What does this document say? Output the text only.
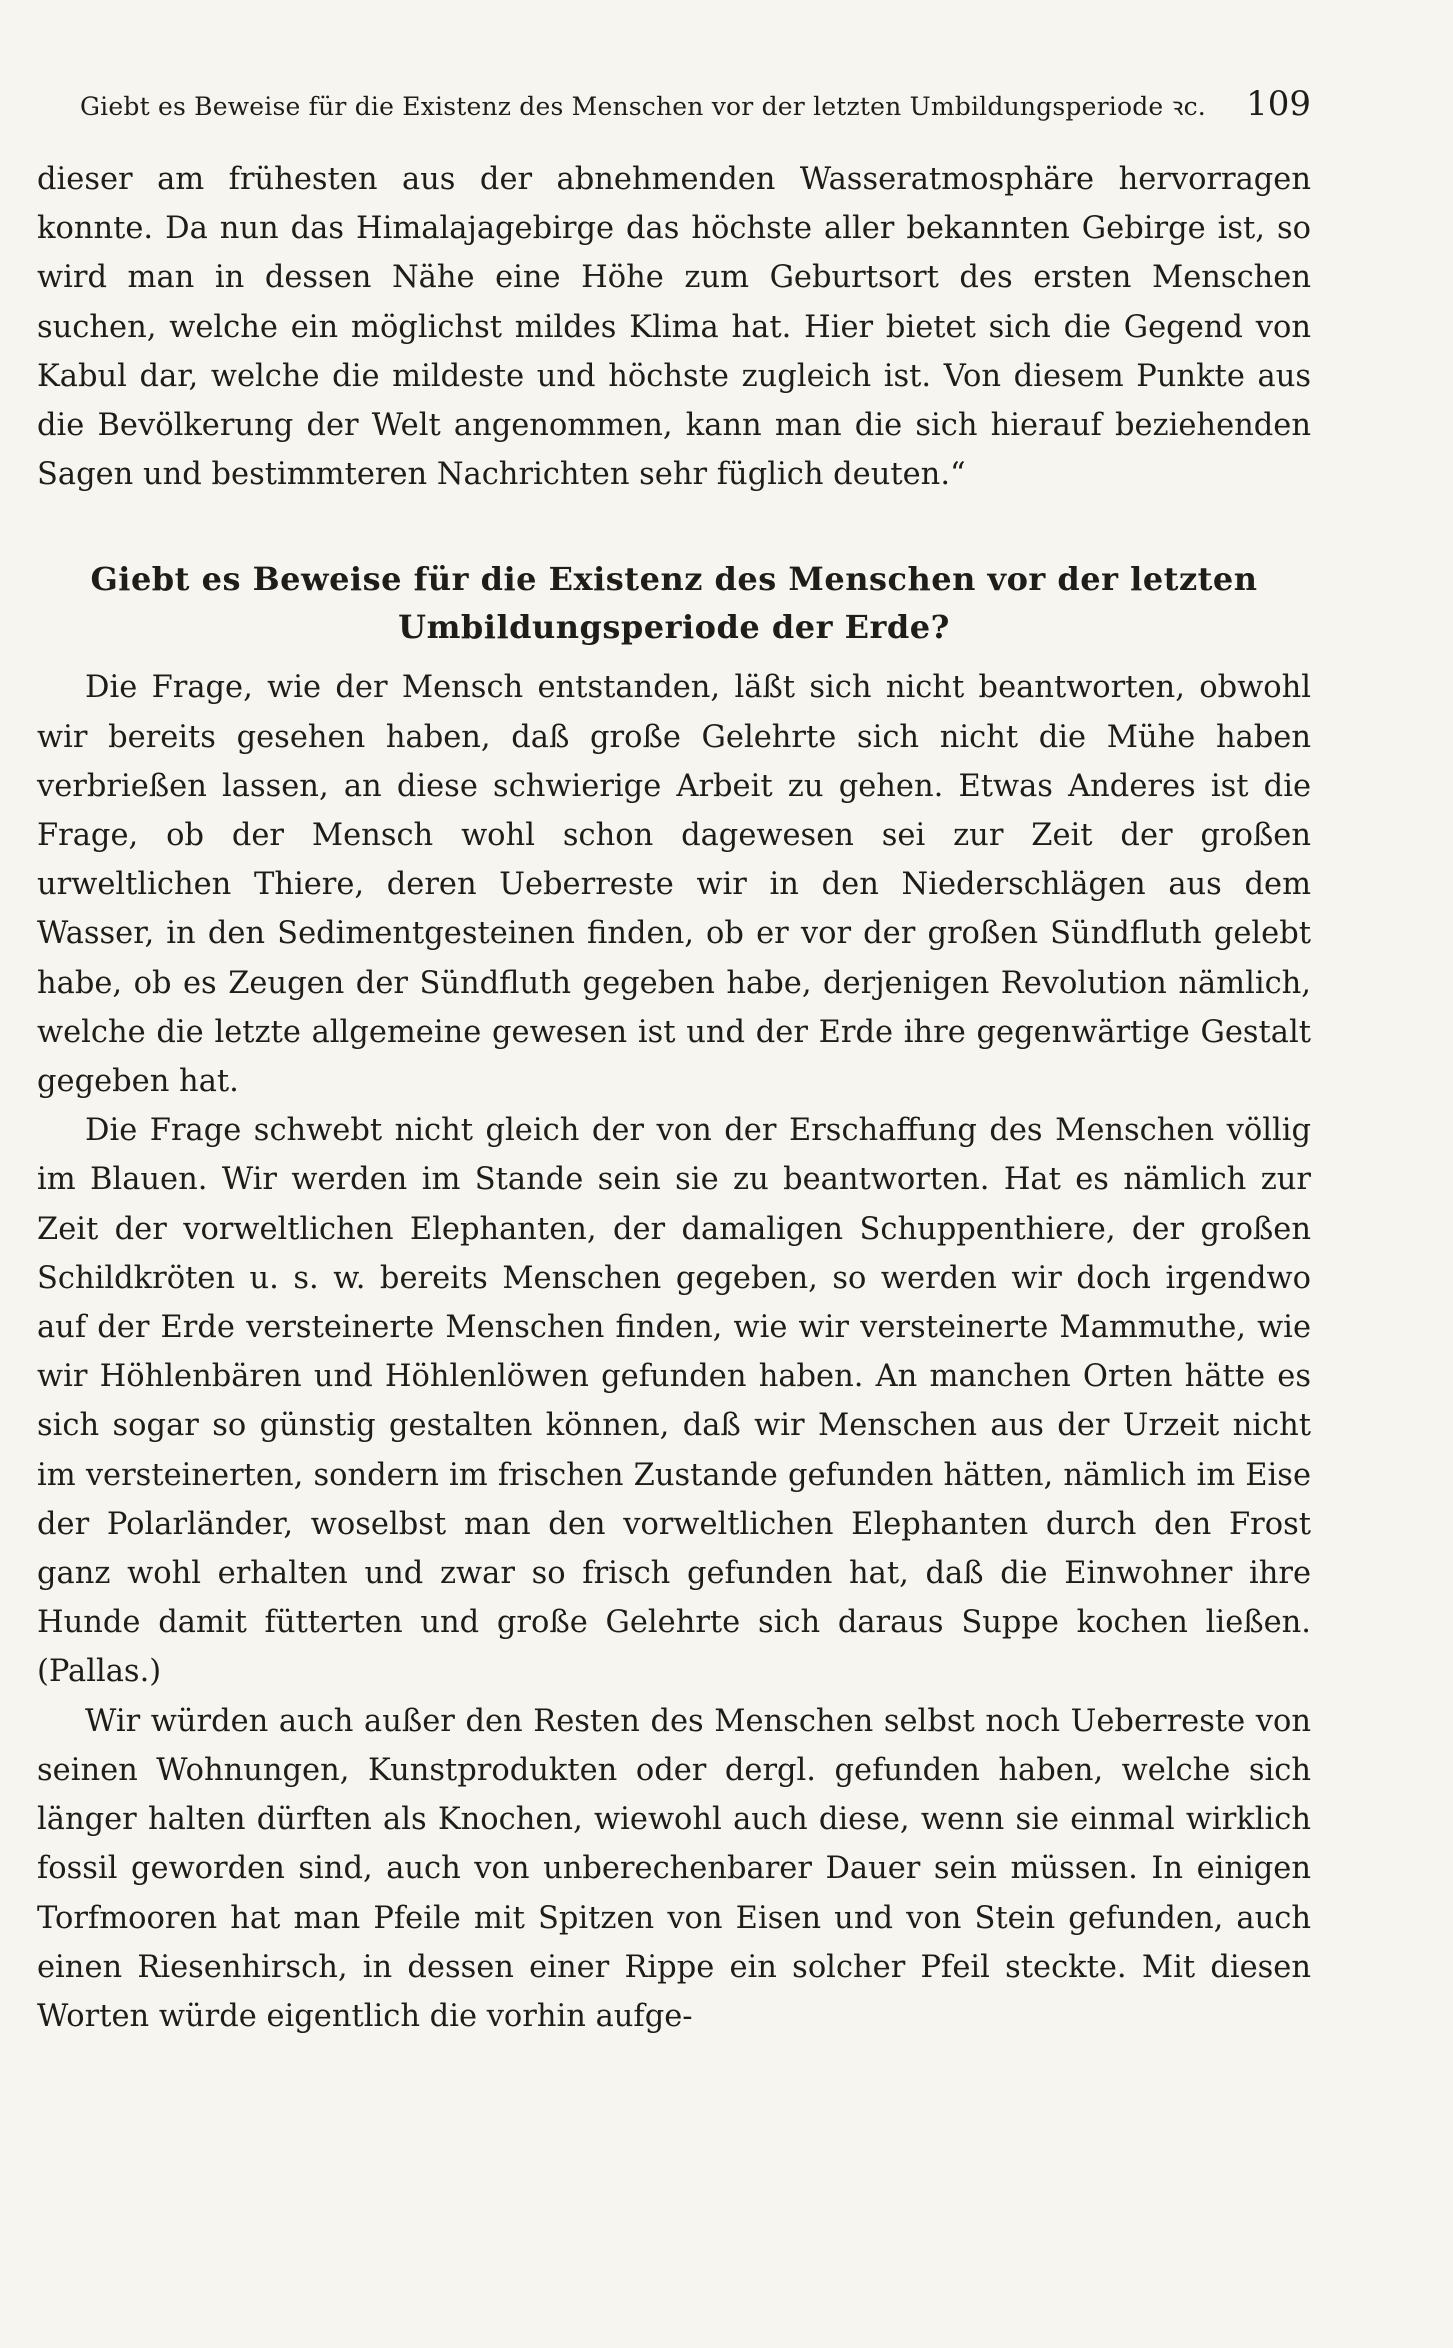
Giebt es Beweise für die Existenz des Menschen vor der letzten Umbildungsperiode ꝛc. 109

dieser am frühesten aus der abnehmenden Wasseratmosphäre hervorragen konnte. Da nun das Himalajagebirge das höchste aller bekannten Gebirge ist, so wird man in dessen Nähe eine Höhe zum Geburtsort des ersten Menschen suchen, welche ein möglichst mildes Klima hat. Hier bietet sich die Gegend von Kabul dar, welche die mildeste und höchste zugleich ist. Von diesem Punkte aus die Bevölkerung der Welt angenommen, kann man die sich hierauf beziehenden Sagen und bestimmteren Nachrichten sehr füglich deuten.“

Giebt es Beweise für die Existenz des Menschen vor der letzten
Umbildungsperiode der Erde?

Die Frage, wie der Mensch entstanden, läßt sich nicht beantworten, obwohl wir bereits gesehen haben, daß große Gelehrte sich nicht die Mühe haben verbrießen lassen, an diese schwierige Arbeit zu gehen. Etwas Anderes ist die Frage, ob der Mensch wohl schon dagewesen sei zur Zeit der großen urweltlichen Thiere, deren Ueberreste wir in den Niederschlägen aus dem Wasser, in den Sedimentgesteinen finden, ob er vor der großen Sündfluth gelebt habe, ob es Zeugen der Sündfluth gegeben habe, derjenigen Revolution nämlich, welche die letzte allgemeine gewesen ist und der Erde ihre gegenwärtige Gestalt gegeben hat.

Die Frage schwebt nicht gleich der von der Erschaffung des Menschen völlig im Blauen. Wir werden im Stande sein sie zu beantworten. Hat es nämlich zur Zeit der vorweltlichen Elephanten, der damaligen Schuppenthiere, der großen Schildkröten u. s. w. bereits Menschen gegeben, so werden wir doch irgendwo auf der Erde versteinerte Menschen finden, wie wir versteinerte Mammuthe, wie wir Höhlenbären und Höhlenlöwen gefunden haben. An manchen Orten hätte es sich sogar so günstig gestalten können, daß wir Menschen aus der Urzeit nicht im versteinerten, sondern im frischen Zustande gefunden hätten, nämlich im Eise der Polarländer, woselbst man den vorweltlichen Elephanten durch den Frost ganz wohl erhalten und zwar so frisch gefunden hat, daß die Einwohner ihre Hunde damit fütterten und große Gelehrte sich daraus Suppe kochen ließen. (Pallas.)

Wir würden auch außer den Resten des Menschen selbst noch Ueberreste von seinen Wohnungen, Kunstprodukten oder dergl. gefunden haben, welche sich länger halten dürften als Knochen, wiewohl auch diese, wenn sie einmal wirklich fossil geworden sind, auch von unberechenbarer Dauer sein müssen. In einigen Torfmooren hat man Pfeile mit Spitzen von Eisen und von Stein gefunden, auch einen Riesenhirsch, in dessen einer Rippe ein solcher Pfeil steckte. Mit diesen Worten würde eigentlich die vorhin aufge-
